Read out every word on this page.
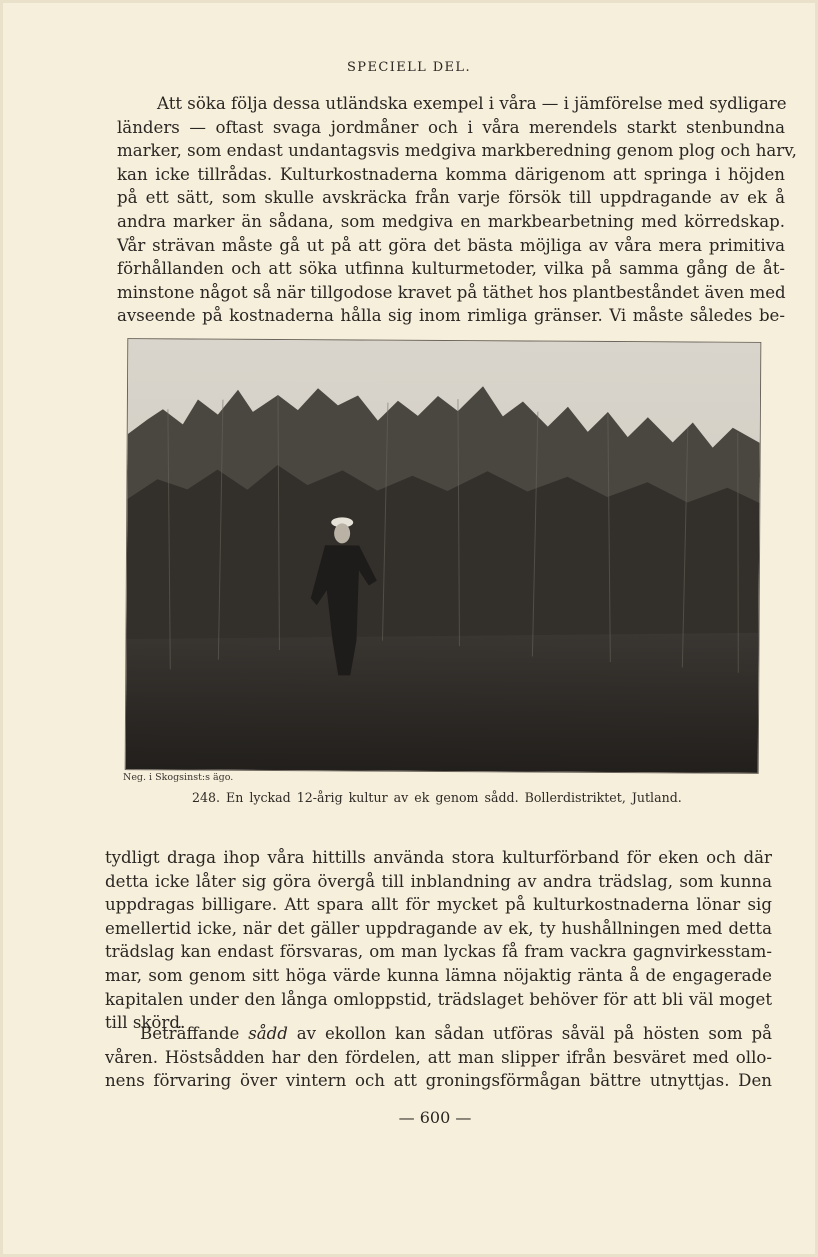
SPECIELL DEL.

Att söka följa dessa utländska exempel i våra — i jämförelse med sydligare
länders — oftast svaga jordmåner och i våra merendels starkt stenbundna
marker, som endast undantagsvis medgiva markberedning genom plog och harv,
kan icke tillrådas. Kulturkostnaderna komma därigenom att springa i höjden
på ett sätt, som skulle avskräcka från varje försök till uppdragande av ek å
andra marker än sådana, som medgiva en markbearbetning med körredskap.
Vår strävan måste gå ut på att göra det bästa möjliga av våra mera primitiva
förhållanden och att söka utfinna kulturmetoder, vilka på samma gång de åt-
minstone något så när tillgodose kravet på täthet hos plantbeståndet även med
avseende på kostnaderna hålla sig inom rimliga gränser. Vi måste således be-

Neg. i Skogsinst:s ägo.
248. En lyckad 12-årig kultur av ek genom sådd. Bollerdistriktet, Jutland.

tydligt draga ihop våra hittills använda stora kulturförband för eken och där
detta icke låter sig göra övergå till inblandning av andra trädslag, som kunna
uppdragas billigare. Att spara allt för mycket på kulturkostnaderna lönar sig
emellertid icke, när det gäller uppdragande av ek, ty hushållningen med detta
trädslag kan endast försvaras, om man lyckas få fram vackra gagnvirkesstam-
mar, som genom sitt höga värde kunna lämna nöjaktig ränta å de engagerade
kapitalen under den långa omloppstid, trädslaget behöver för att bli väl moget
till skörd.

Beträffande sådd av ekollon kan sådan utföras såväl på hösten som på
våren. Höstsådden har den fördelen, att man slipper ifrån besväret med ollo-
nens förvaring över vintern och att groningsförmågan bättre utnyttjas. Den

— 600 —
